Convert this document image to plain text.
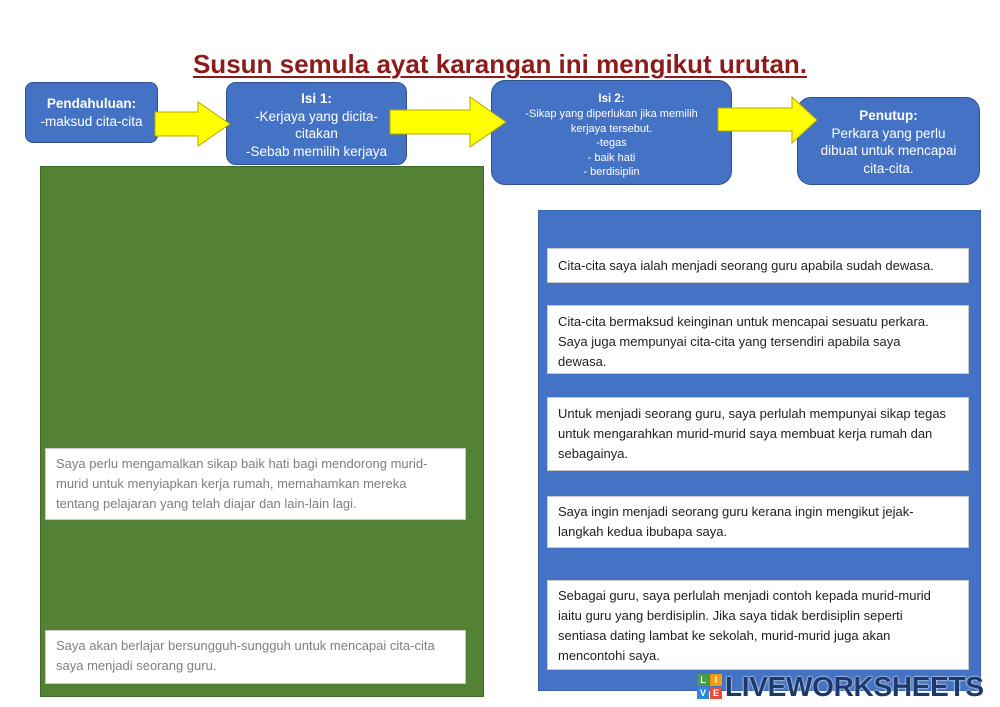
Susun semula ayat karangan ini mengikut urutan.
Pendahuluan:
-maksud cita-cita
Isi 1:
-Kerjaya yang dicita-
citakan
-Sebab memilih kerjaya
Isi 2:
-Sikap yang diperlukan jika memilih
kerjaya tersebut.
-tegas
- baik hati
- berdisiplin
Penutup:
Perkara yang perlu
dibuat untuk mencapai
cita-cita.
Saya perlu mengamalkan sikap baik hati bagi mendorong murid-
murid untuk menyiapkan kerja rumah, memahamkan mereka
tentang pelajaran yang telah diajar dan lain-lain lagi.
Saya akan berlajar bersungguh-sungguh untuk mencapai cita-cita
saya menjadi seorang guru.
Cita-cita saya ialah menjadi seorang guru apabila sudah dewasa.
Cita-cita bermaksud keinginan untuk mencapai sesuatu perkara.
Saya juga mempunyai cita-cita yang tersendiri apabila saya
dewasa.
Untuk menjadi seorang guru, saya perlulah mempunyai sikap tegas
untuk mengarahkan murid-murid saya membuat kerja rumah dan
sebagainya.
Saya ingin menjadi seorang guru kerana ingin mengikut jejak-
langkah kedua ibubapa saya.
Sebagai guru, saya perlulah menjadi contoh kepada murid-murid
iaitu guru yang berdisiplin. Jika saya tidak berdisiplin seperti
sentiasa dating lambat ke sekolah, murid-murid juga akan
mencontohi saya.
L I
V E LIVEWORKSHEETS
